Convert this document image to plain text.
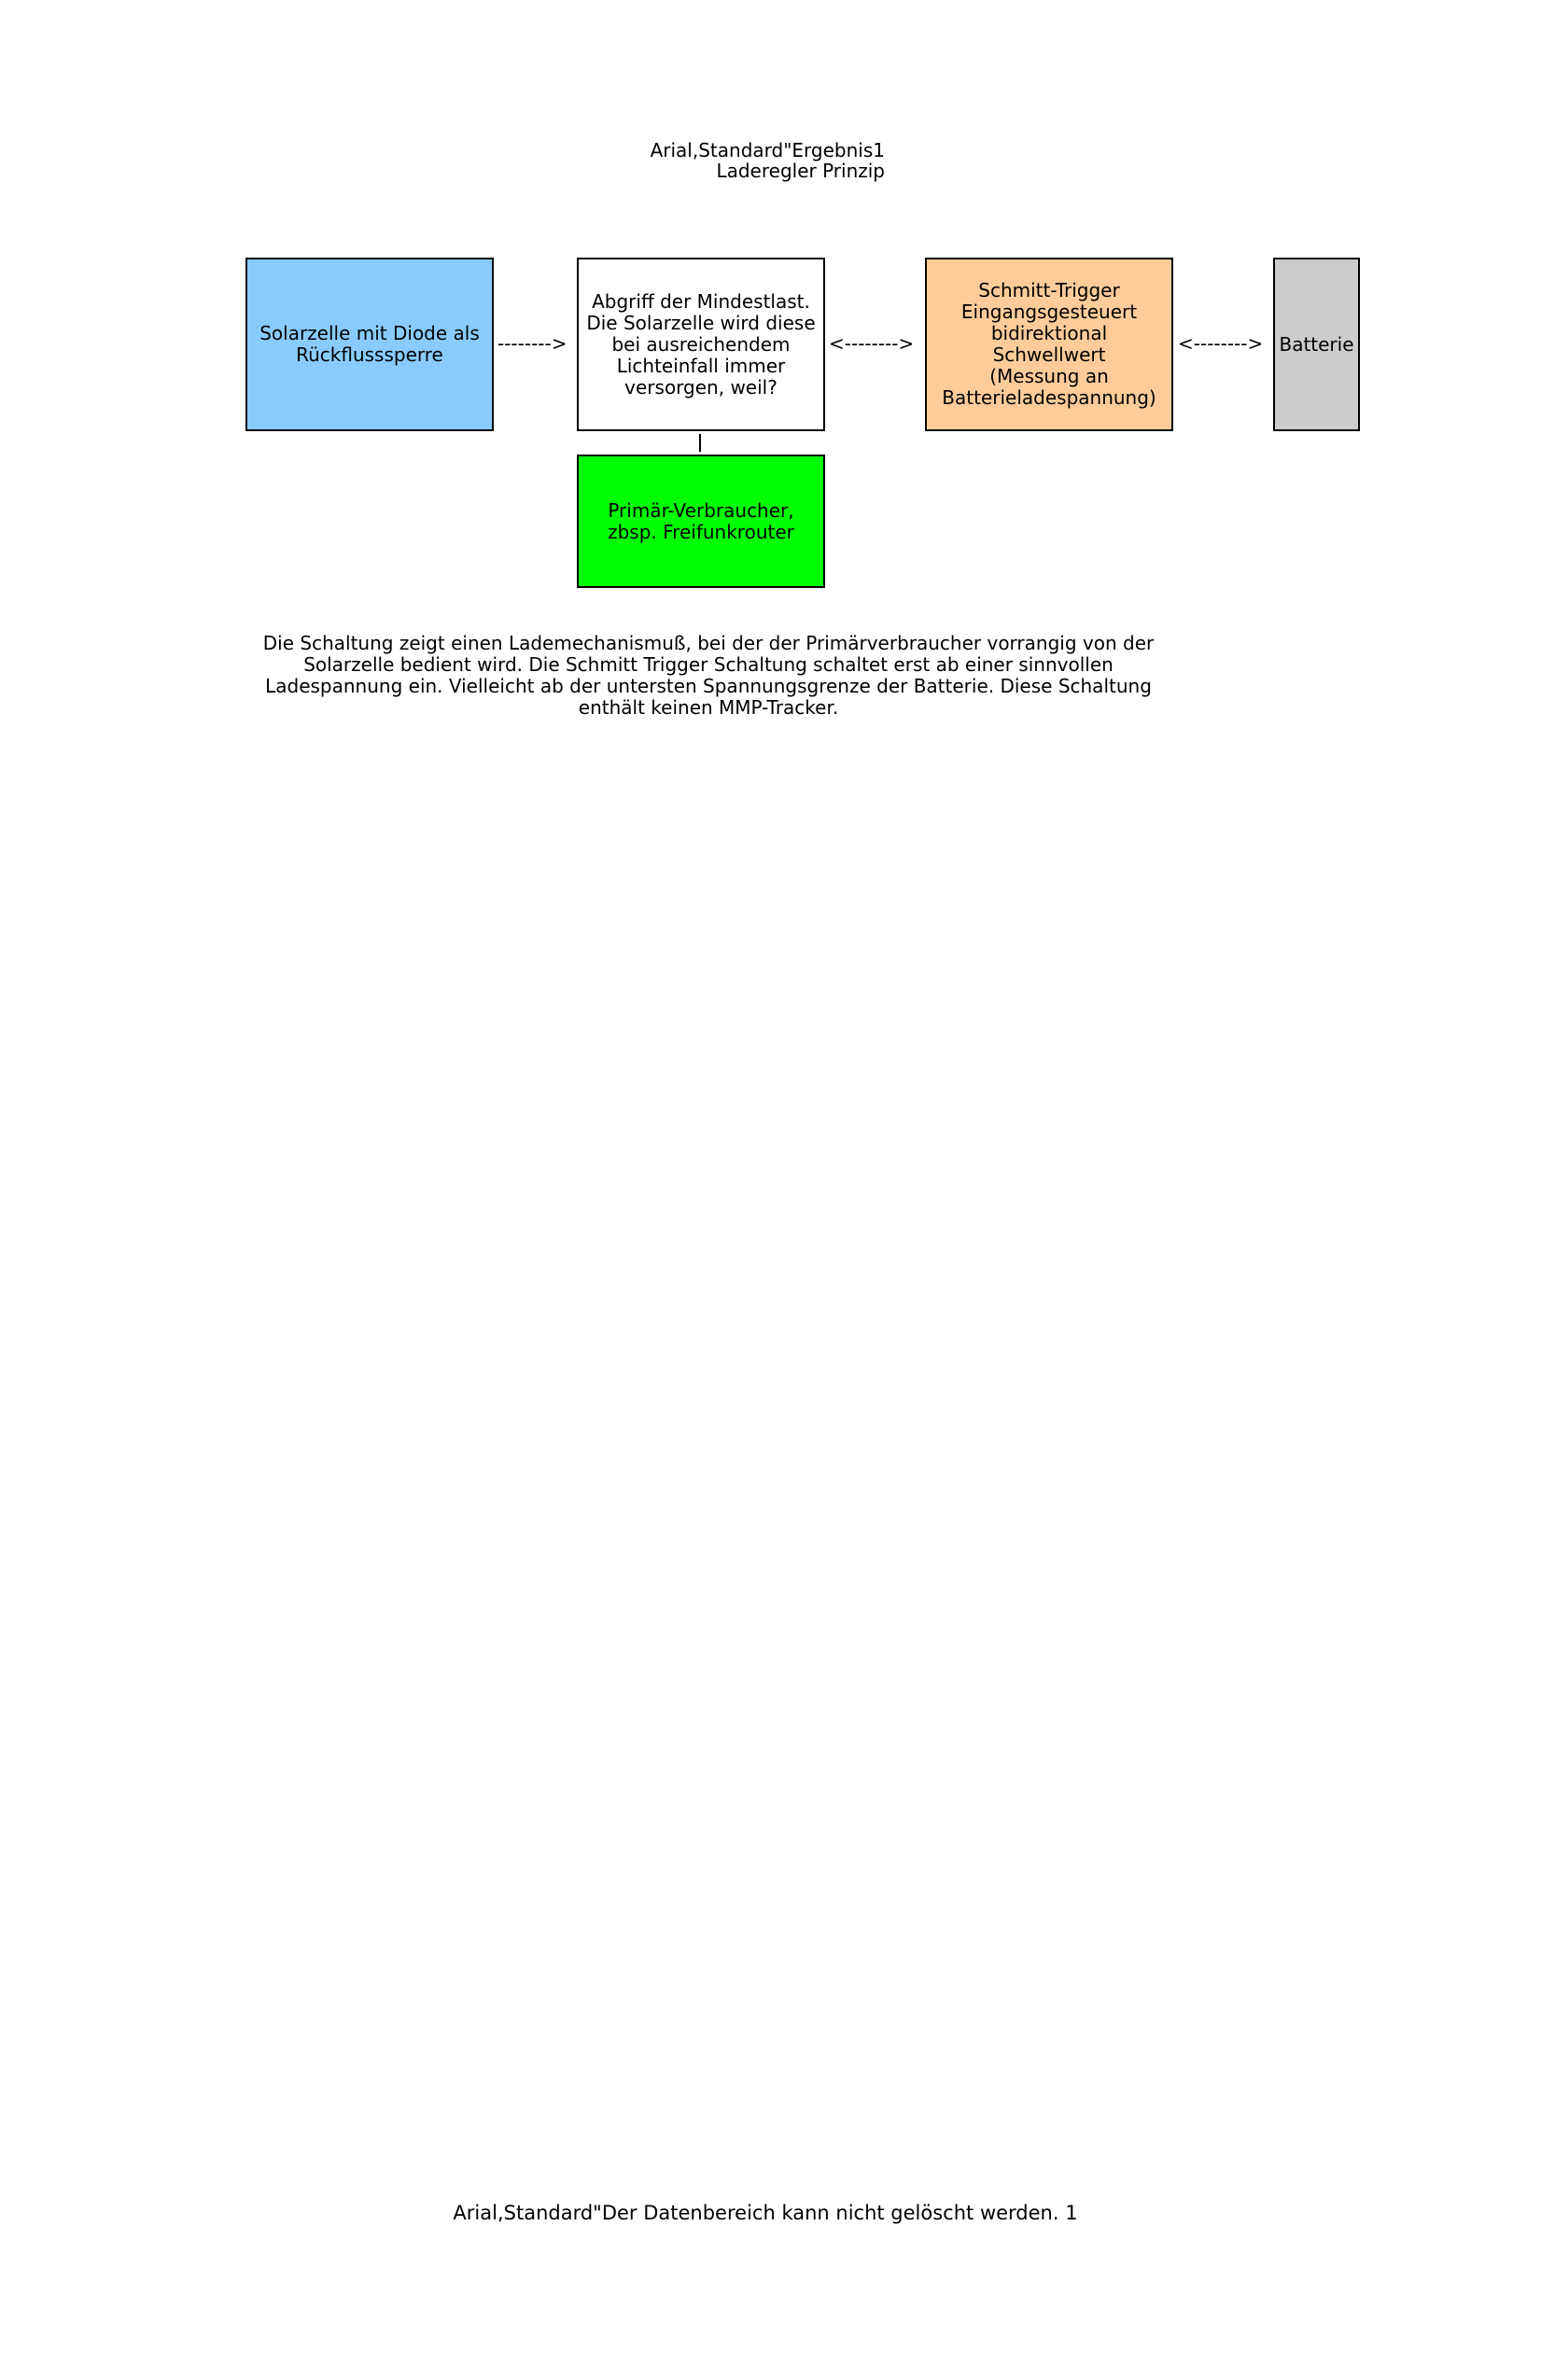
Arial,Standard"Ergebnis1
Laderegler Prinzip
Solarzelle mit Diode als
Rückflusssperre	-------->
Abgriff der Mindestlast.
Die Solarzelle wird diese
bei ausreichendem
Lichteinfall immer
versorgen, weil?
<-------->
Schmitt-Trigger
Eingangsgesteuert
bidirektional Schwellwert
(Messung an
Batterieladespannung)
<--------> Batterie
Primär-Verbraucher,
zbsp. Freifunkrouter
Die Schaltung zeigt einen Lademechanismuß, bei der der Primärverbraucher vorrangig von der
Solarzelle bedient wird. Die Schmitt Trigger Schaltung schaltet erst ab einer sinnvollen
Ladespannung ein. Vielleicht ab der untersten Spannungsgrenze der Batterie. Diese Schaltung
enthält keinen MMP-Tracker.
Arial,Standard"Der Datenbereich kann nicht gelöscht werden. 1
